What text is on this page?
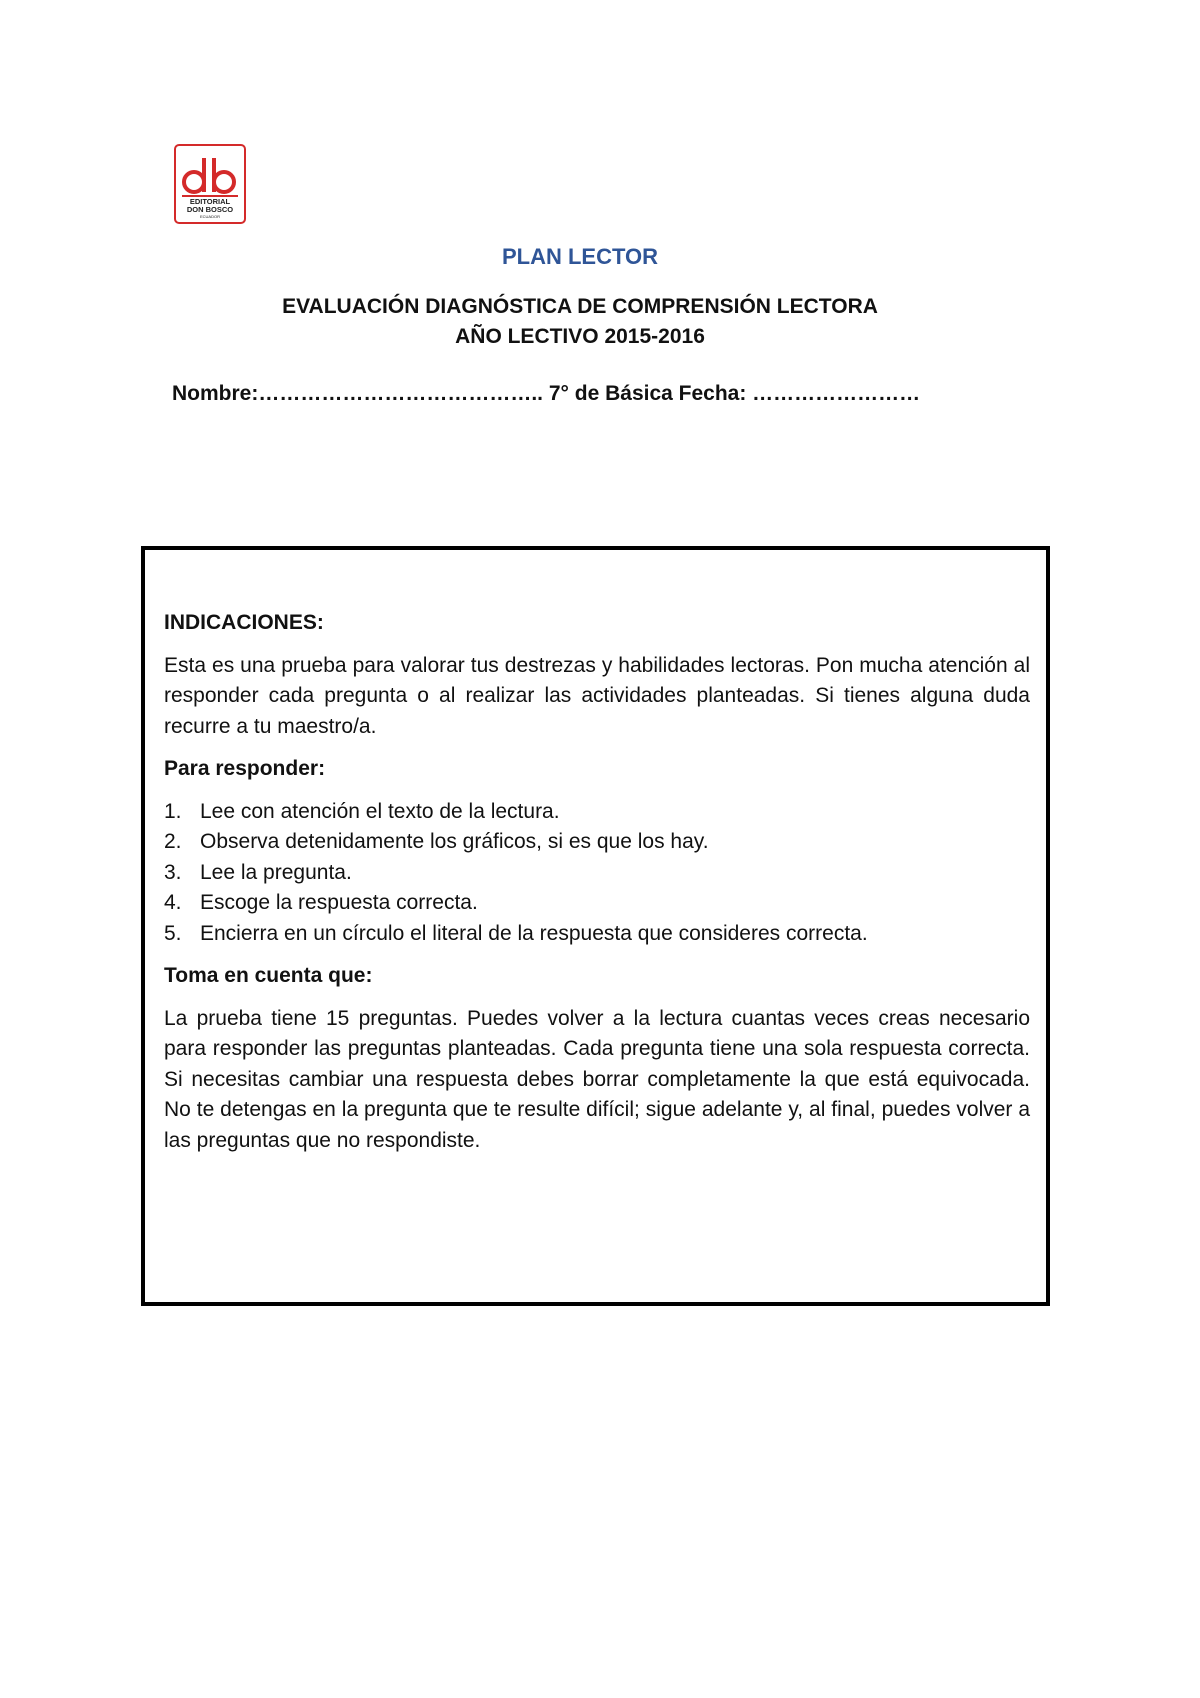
EDITORIAL
DON BOSCO
ECUADOR
PLAN LECTOR
EVALUACIÓN DIAGNÓSTICA DE COMPRENSIÓN LECTORA
AÑO LECTIVO 2015-2016
Nombre:………………………………….. 7° de Básica Fecha: ……………………
INDICACIONES:
Esta es una prueba para valorar tus destrezas y habilidades lectoras. Pon mucha atención al responder cada pregunta o al realizar las actividades planteadas. Si tienes alguna duda recurre a tu maestro/a.
Para responder:
1. Lee con atención el texto de la lectura.
2. Observa detenidamente los gráficos, si es que los hay.
3. Lee la pregunta.
4. Escoge la respuesta correcta.
5. Encierra en un círculo el literal de la respuesta que consideres correcta.
Toma en cuenta que:
La prueba tiene 15 preguntas. Puedes volver a la lectura cuantas veces creas necesario para responder las preguntas planteadas. Cada pregunta tiene una sola respuesta correcta. Si necesitas cambiar una respuesta debes borrar completamente la que está equivocada. No te detengas en la pregunta que te resulte difícil; sigue adelante y, al final, puedes volver a las preguntas que no respondiste.
